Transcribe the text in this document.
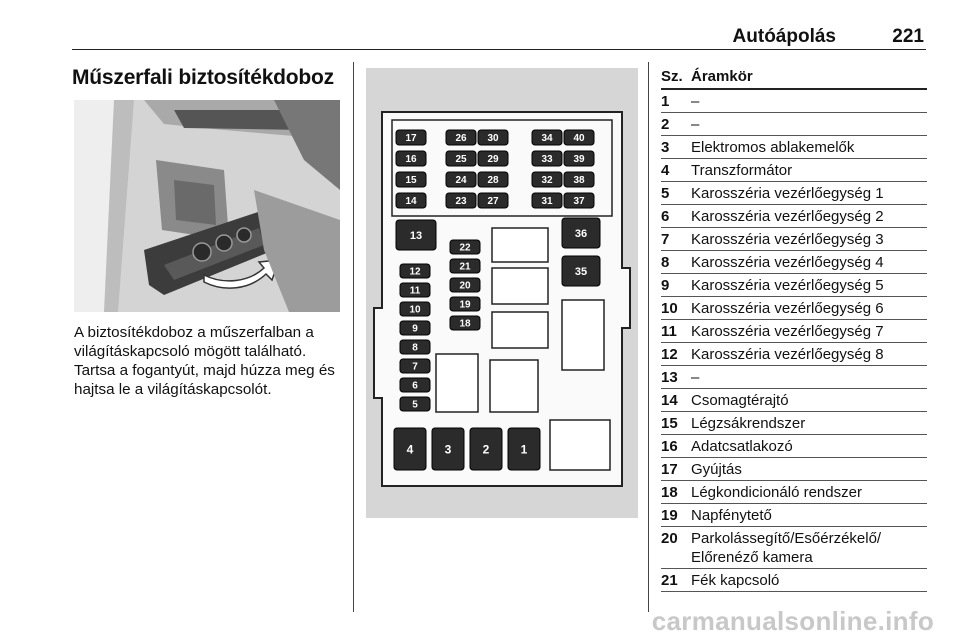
Autóápolás	221
Műszerfali biztosítékdoboz
A biztosítékdoboz a műszerfalban a világításkapcsoló mögött található. Tartsa a fogantyút, majd húzza meg és hajtsa le a világításkapcsolót.
17	26 30	34 40
16	25 29	33 39
15	24 28	32 38
14	23 27	31 37
13
12
11
10
9
8
7
6
5
22
21
20
19
18
36
35
4	3	2	1
Sz. Áramkör
1 –
2 –
3 Elektromos ablakemelők
4 Transzformátor
5 Karosszéria vezérlőegység 1
6 Karosszéria vezérlőegység 2
7 Karosszéria vezérlőegység 3
8 Karosszéria vezérlőegység 4
9 Karosszéria vezérlőegység 5
10 Karosszéria vezérlőegység 6
11 Karosszéria vezérlőegység 7
12 Karosszéria vezérlőegység 8
13 –
14 Csomagtérajtó
15 Légzsákrendszer
16 Adatcsatlakozó
17 Gyújtás
18 Légkondicionáló rendszer
19 Napfénytető
20 Parkolássegítő/Esőérzékelő/ Előrenéző kamera
21 Fék kapcsoló
carmanualsonline.info
